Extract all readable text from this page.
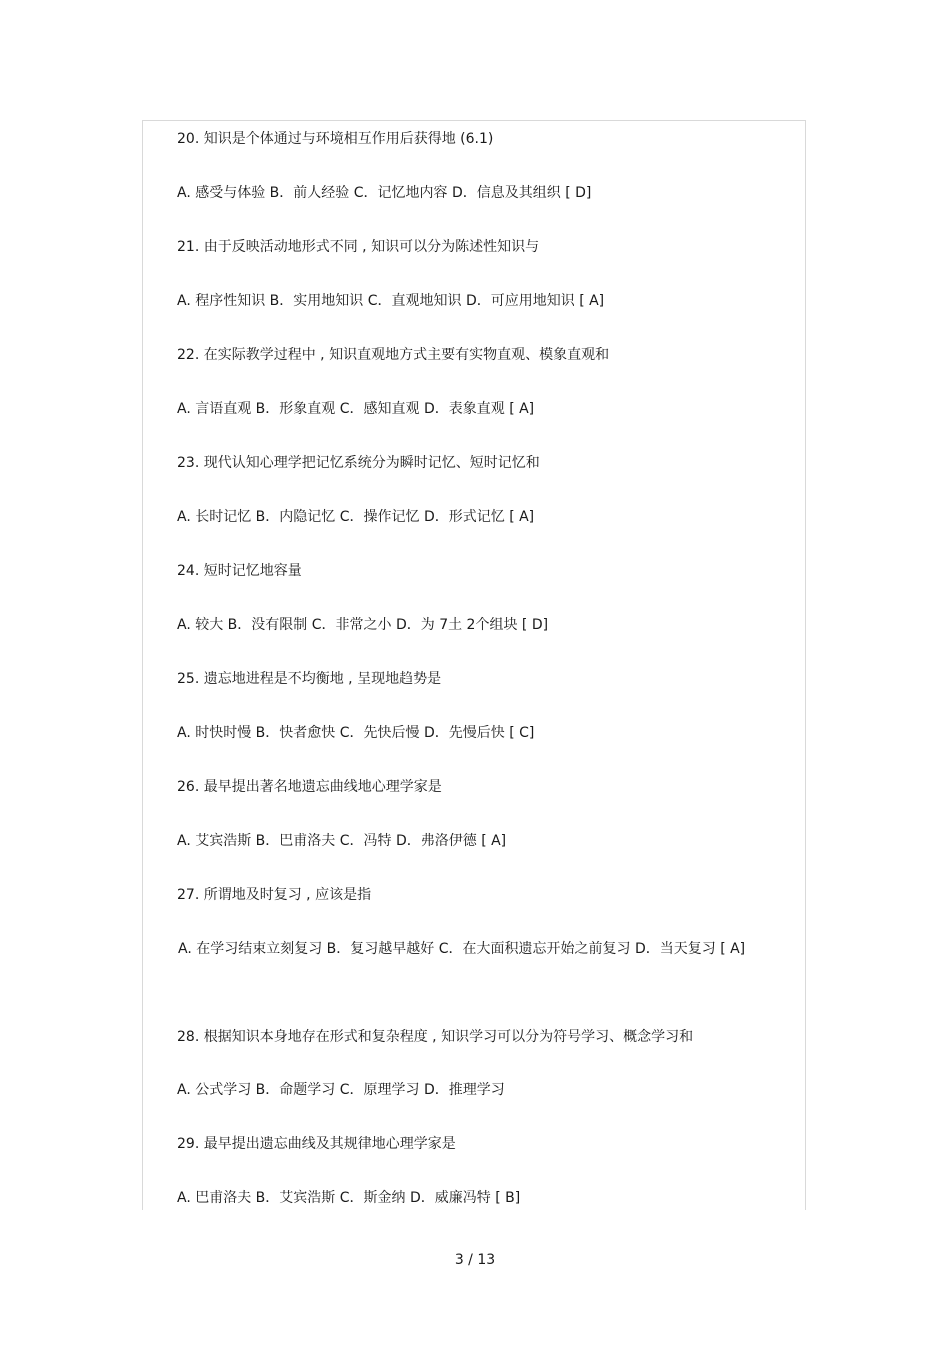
20. 知识是个体通过与环境相互作用后获得地 (6.1)
A. 感受与体验 B．前人经验 C．记忆地内容 D．信息及其组织 [ D]
21. 由于反映活动地形式不同 , 知识可以分为陈述性知识与
A. 程序性知识 B．实用地知识 C．直观地知识 D．可应用地知识 [ A]
22. 在实际教学过程中 , 知识直观地方式主要有实物直观、模象直观和
A. 言语直观 B．形象直观 C．感知直观 D．表象直观 [ A]
23. 现代认知心理学把记忆系统分为瞬时记忆、短时记忆和
A. 长时记忆 B．内隐记忆 C．操作记忆 D．形式记忆 [ A]
24. 短时记忆地容量
A. 较大 B．没有限制 C．非常之小 D．为 7土 2个组块 [ D]
25. 遗忘地进程是不均衡地 , 呈现地趋势是
A. 时快时慢 B．快者愈快 C．先快后慢 D．先慢后快 [ C]
26. 最早提出著名地遗忘曲线地心理学家是
A. 艾宾浩斯 B．巴甫洛夫 C．冯特 D．弗洛伊德 [ A]
27. 所谓地及时复习 , 应该是指
A. 在学习结束立刻复习 B．复习越早越好 C．在大面积遗忘开始之前复习 D．当天复习 [ A]
28. 根据知识本身地存在形式和复杂程度 , 知识学习可以分为符号学习、概念学习和
A. 公式学习 B．命题学习 C．原理学习 D．推理学习
29. 最早提出遗忘曲线及其规律地心理学家是
A. 巴甫洛夫 B．艾宾浩斯 C．斯金纳 D．威廉冯特 [ B]
3 / 13
